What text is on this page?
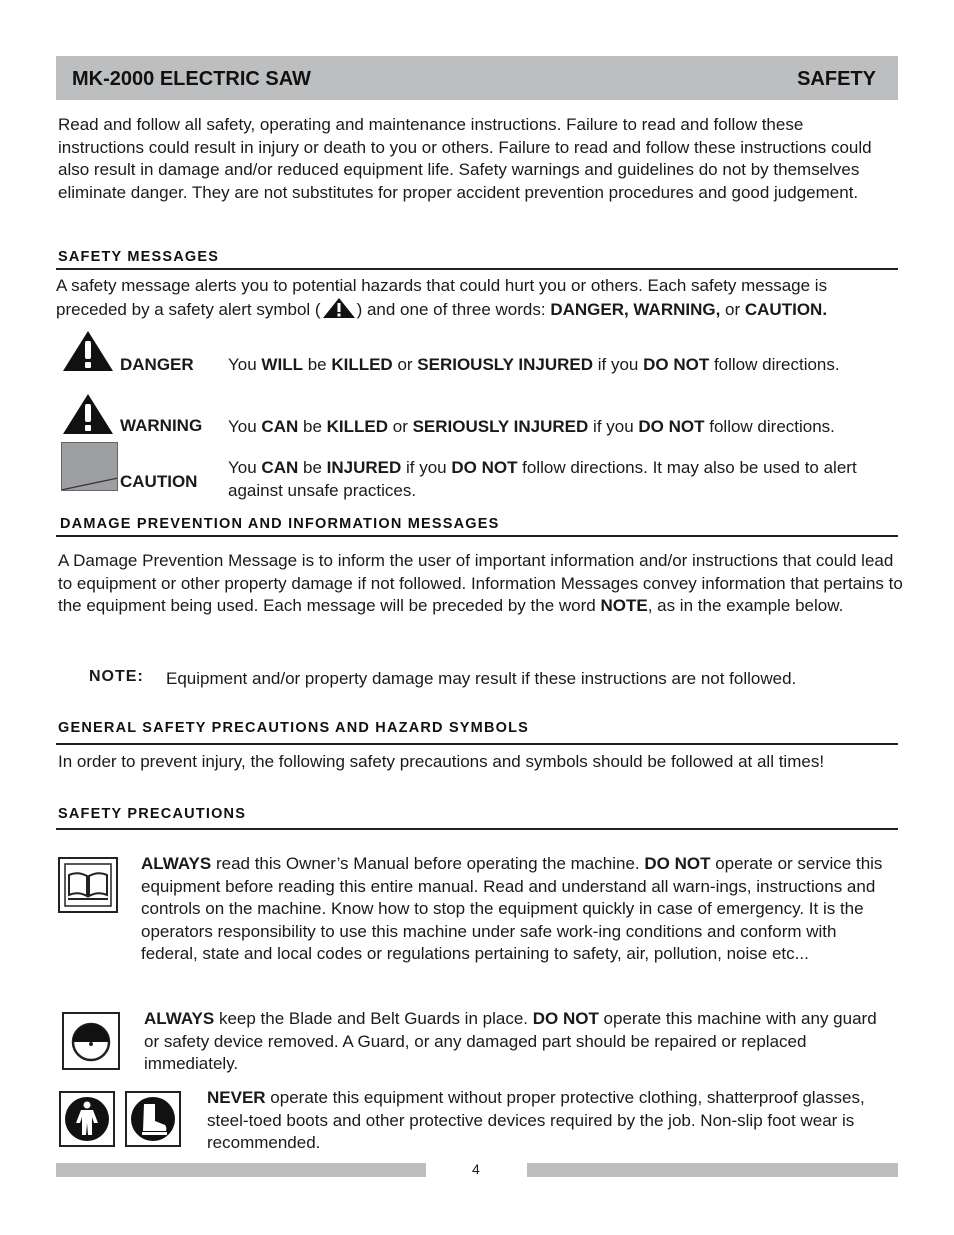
MK-2000 ELECTRIC SAW	SAFETY
Read and follow all safety, operating and maintenance instructions. Failure to read and follow these instructions could result in injury or death to you or others. Failure to read and follow these instructions could also result in damage and/or reduced equipment life. Safety warnings and guidelines do not by themselves eliminate danger. They are not substitutes for proper accident prevention procedures and good judgement.
SAFETY MESSAGES
A safety message alerts you to potential hazards that could hurt you or others. Each safety message is
preceded by a safety alert symbol ( ) and one of three words: DANGER, WARNING, or CAUTION.
DANGER You WILL be KILLED or SERIOUSLY INJURED if you DO NOT follow directions.
WARNING You CAN be KILLED or SERIOUSLY INJURED if you DO NOT follow directions.
CAUTION
You CAN be INJURED if you DO NOT follow directions. It may also be used to alert against unsafe practices.
DAMAGE PREVENTION AND INFORMATION MESSAGES
A Damage Prevention Message is to inform the user of important information and/or instructions that could lead to equipment or other property damage if not followed. Information Messages convey information that pertains to the equipment being used. Each message will be preceded by the word NOTE, as in the example below.
NOTE: Equipment and/or property damage may result if these instructions are not followed.
GENERAL SAFETY PRECAUTIONS AND HAZARD SYMBOLS
In order to prevent injury, the following safety precautions and symbols should be followed at all times!
SAFETY PRECAUTIONS
ALWAYS read this Owner’s Manual before operating the machine. DO NOT operate or service this equipment before reading this entire manual. Read and understand all warn-ings, instructions and controls on the machine. Know how to stop the equipment quickly in case of emergency. It is the operators responsibility to use this machine under safe work-ing conditions and conform with federal, state and local codes or regulations pertaining to safety, air, pollution, noise etc...
ALWAYS keep the Blade and Belt Guards in place. DO NOT operate this machine with any guard or safety device removed. A Guard, or any damaged part should be repaired or replaced immediately.
NEVER operate this equipment without proper protective clothing, shatterproof glasses, steel-toed boots and other protective devices required by the job. Non-slip foot wear is recommended.
4
